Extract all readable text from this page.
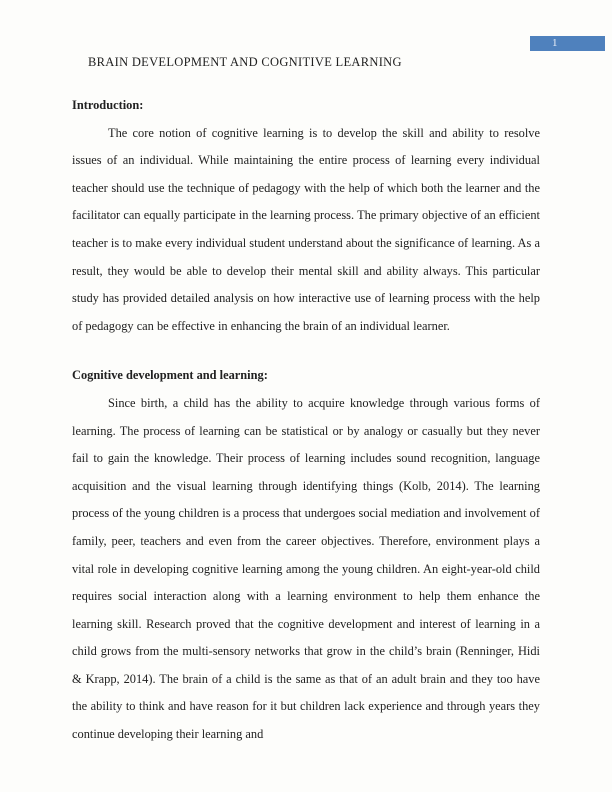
1
BRAIN DEVELOPMENT AND COGNITIVE LEARNING
Introduction:

The core notion of cognitive learning is to develop the skill and ability to resolve issues of an individual. While maintaining the entire process of learning every individual teacher should use the technique of pedagogy with the help of which both the learner and the facilitator can equally participate in the learning process. The primary objective of an efficient teacher is to make every individual student understand about the significance of learning. As a result, they would be able to develop their mental skill and ability always. This particular study has provided detailed analysis on how interactive use of learning process with the help of pedagogy can be effective in enhancing the brain of an individual learner.

Cognitive development and learning:

Since birth, a child has the ability to acquire knowledge through various forms of learning. The process of learning can be statistical or by analogy or casually but they never fail to gain the knowledge. Their process of learning includes sound recognition, language acquisition and the visual learning through identifying things (Kolb, 2014). The learning process of the young children is a process that undergoes social mediation and involvement of family, peer, teachers and even from the career objectives. Therefore, environment plays a vital role in developing cognitive learning among the young children. An eight-year-old child requires social interaction along with a learning environment to help them enhance the learning skill. Research proved that the cognitive development and interest of learning in a child grows from the multi-sensory networks that grow in the child’s brain (Renninger, Hidi & Krapp, 2014). The brain of a child is the same as that of an adult brain and they too have the ability to think and have reason for it but children lack experience and through years they continue developing their learning and
